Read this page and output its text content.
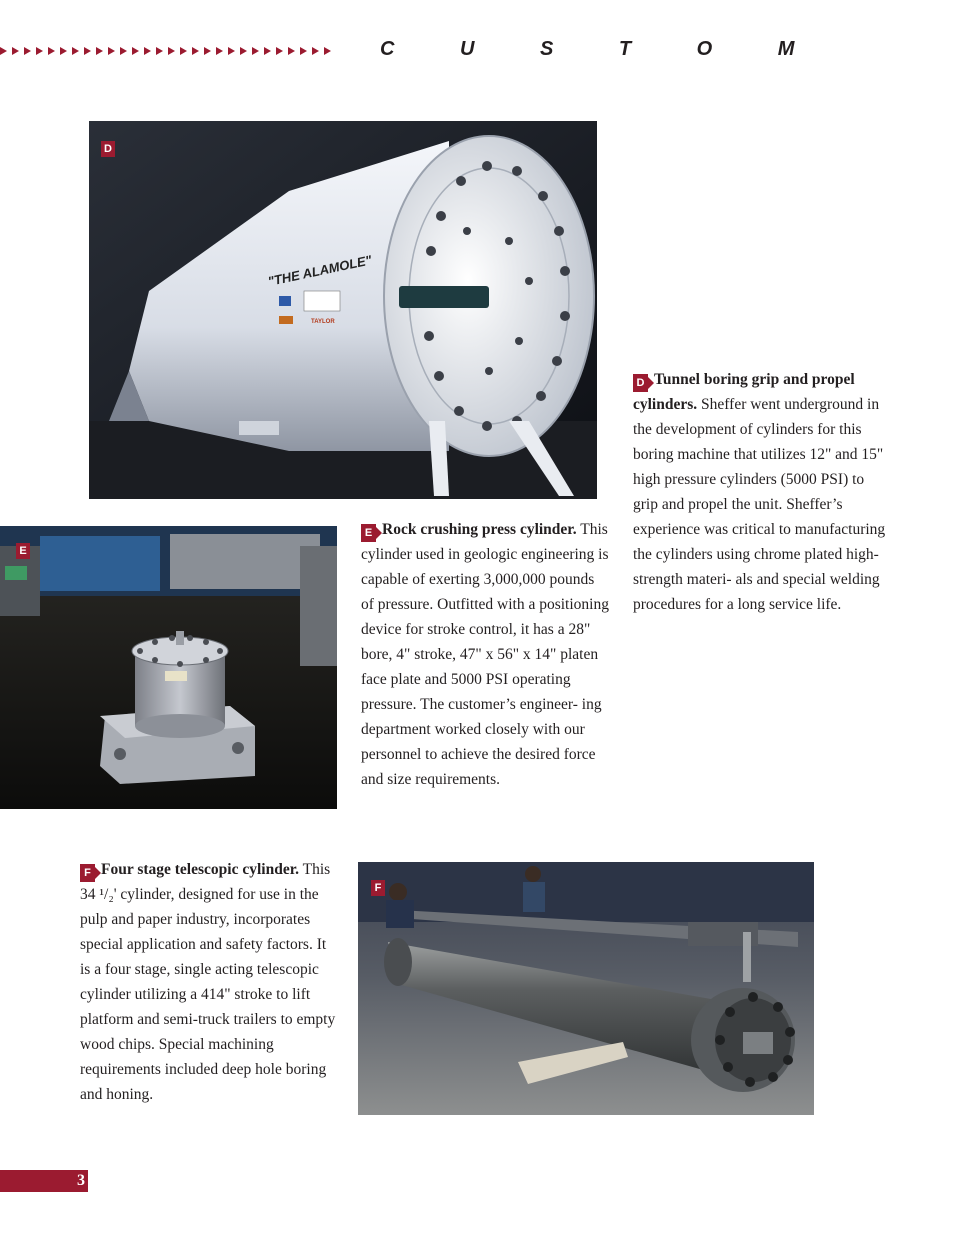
C U S T O M
"THE ALAMOLE"
TAYLOR
D
E
F
D Tunnel boring grip and propel cylinders. Sheffer went underground in the development of cylinders for this boring machine that utilizes 12" and 15" high pressure cylinders (5000 PSI) to grip and propel the unit. Sheffer’s experience was critical to manufacturing the cylinders using chrome plated high-strength materi- als and special welding procedures for a long service life.
E Rock crushing press cylinder. This cylinder used in geologic engineering is capable of exerting 3,000,000 pounds of pressure. Outfitted with a positioning device for stroke control, it has a 28" bore, 4" stroke, 47" x 56" x 14" platen face plate and 5000 PSI operating pressure. The customer’s engineer- ing department worked closely with our personnel to achieve the desired force and size requirements.
F Four stage telescopic cylinder. This 34 ¹/₂' cylinder, designed for use in the pulp and paper industry, incorporates special application and safety factors. It is a four stage, single acting telescopic cylinder utilizing a 414" stroke to lift platform and semi-truck trailers to empty wood chips. Special machining requirements included deep hole boring and honing.
3
